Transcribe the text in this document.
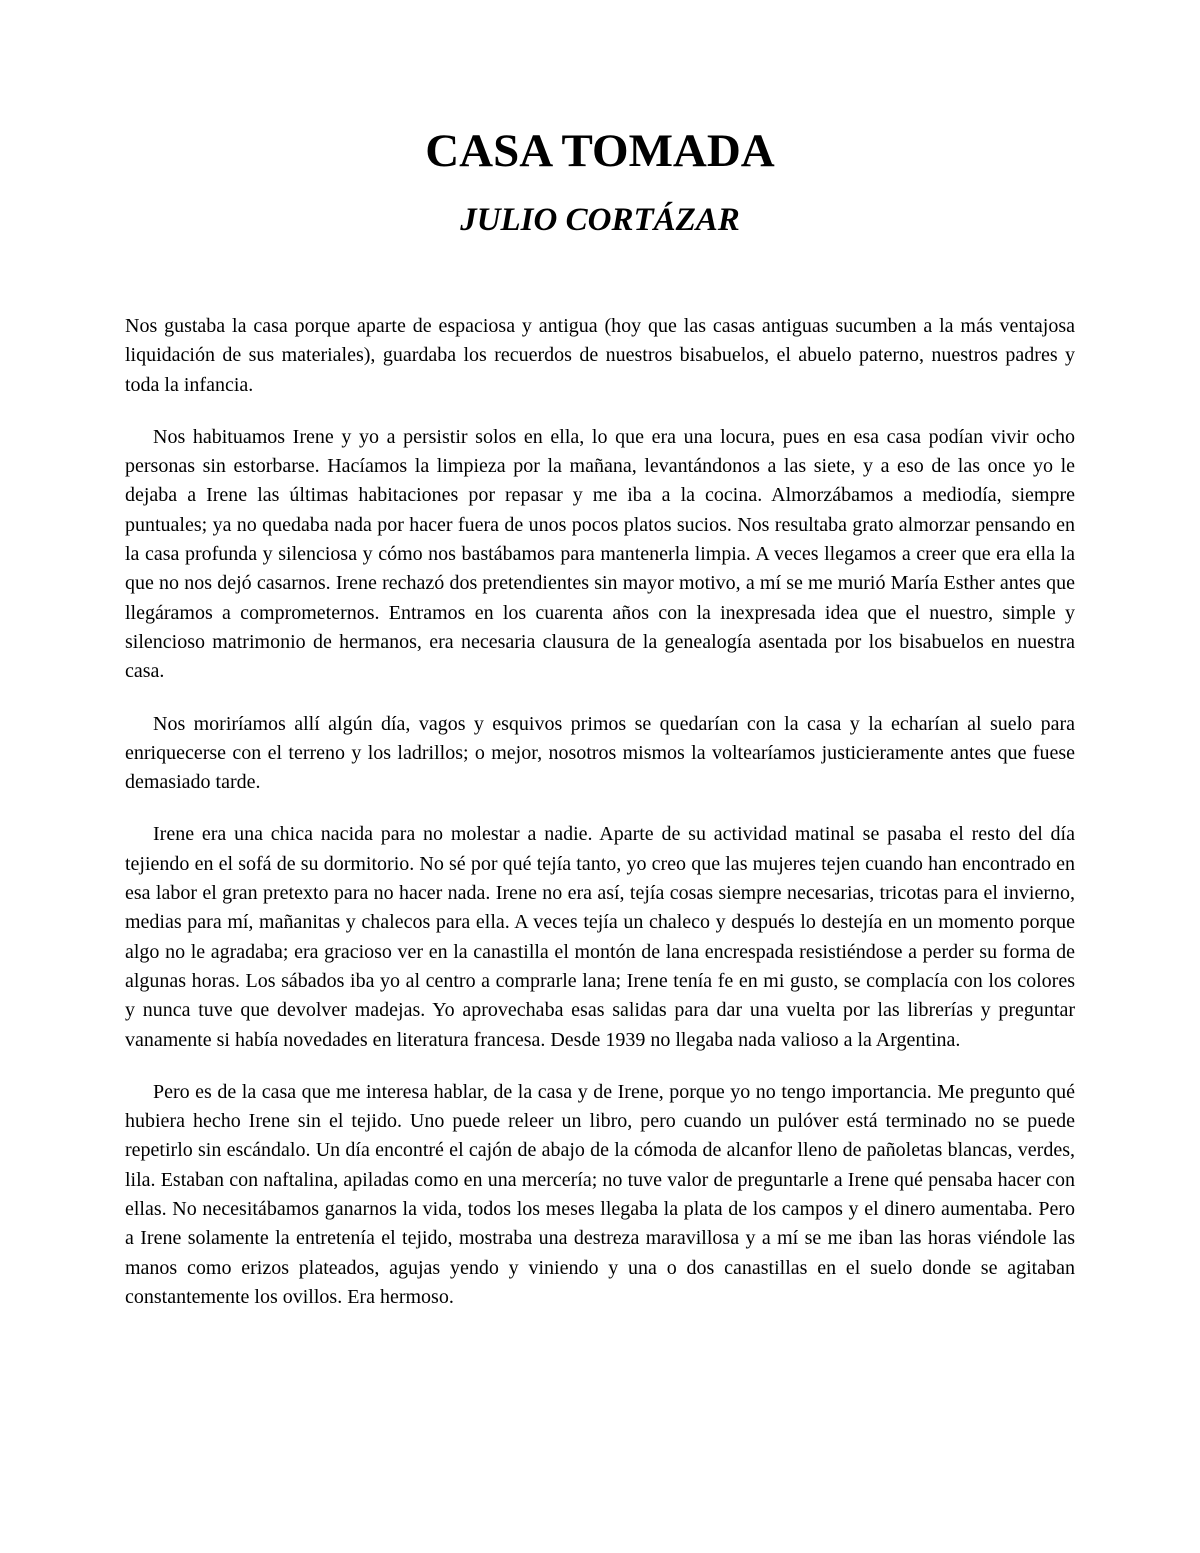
CASA TOMADA
JULIO CORTÁZAR

Nos gustaba la casa porque aparte de espaciosa y antigua (hoy que las casas antiguas sucumben a la más ventajosa liquidación de sus materiales), guardaba los recuerdos de nuestros bisabuelos, el abuelo paterno, nuestros padres y toda la infancia.

Nos habituamos Irene y yo a persistir solos en ella, lo que era una locura, pues en esa casa podían vivir ocho personas sin estorbarse. Hacíamos la limpieza por la mañana, levantándonos a las siete, y a eso de las once yo le dejaba a Irene las últimas habitaciones por repasar y me iba a la cocina. Almorzábamos a mediodía, siempre puntuales; ya no quedaba nada por hacer fuera de unos pocos platos sucios. Nos resultaba grato almorzar pensando en la casa profunda y silenciosa y cómo nos bastábamos para mantenerla limpia. A veces llegamos a creer que era ella la que no nos dejó casarnos. Irene rechazó dos pretendientes sin mayor motivo, a mí se me murió María Esther antes que llegáramos a comprometernos. Entramos en los cuarenta años con la inexpresada idea que el nuestro, simple y silencioso matrimonio de hermanos, era necesaria clausura de la genealogía asentada por los bisabuelos en nuestra casa.

Nos moriríamos allí algún día, vagos y esquivos primos se quedarían con la casa y la echarían al suelo para enriquecerse con el terreno y los ladrillos; o mejor, nosotros mismos la voltearíamos justicieramente antes que fuese demasiado tarde.

Irene era una chica nacida para no molestar a nadie. Aparte de su actividad matinal se pasaba el resto del día tejiendo en el sofá de su dormitorio. No sé por qué tejía tanto, yo creo que las mujeres tejen cuando han encontrado en esa labor el gran pretexto para no hacer nada. Irene no era así, tejía cosas siempre necesarias, tricotas para el invierno, medias para mí, mañanitas y chalecos para ella. A veces tejía un chaleco y después lo destejía en un momento porque algo no le agradaba; era gracioso ver en la canastilla el montón de lana encrespada resistiéndose a perder su forma de algunas horas. Los sábados iba yo al centro a comprarle lana; Irene tenía fe en mi gusto, se complacía con los colores y nunca tuve que devolver madejas. Yo aprovechaba esas salidas para dar una vuelta por las librerías y preguntar vanamente si había novedades en literatura francesa. Desde 1939 no llegaba nada valioso a la Argentina.

Pero es de la casa que me interesa hablar, de la casa y de Irene, porque yo no tengo importancia. Me pregunto qué hubiera hecho Irene sin el tejido. Uno puede releer un libro, pero cuando un pulóver está terminado no se puede repetirlo sin escándalo. Un día encontré el cajón de abajo de la cómoda de alcanfor lleno de pañoletas blancas, verdes, lila. Estaban con naftalina, apiladas como en una mercería; no tuve valor de preguntarle a Irene qué pensaba hacer con ellas. No necesitábamos ganarnos la vida, todos los meses llegaba la plata de los campos y el dinero aumentaba. Pero a Irene solamente la entretenía el tejido, mostraba una destreza maravillosa y a mí se me iban las horas viéndole las manos como erizos plateados, agujas yendo y viniendo y una o dos canastillas en el suelo donde se agitaban constantemente los ovillos. Era hermoso.
